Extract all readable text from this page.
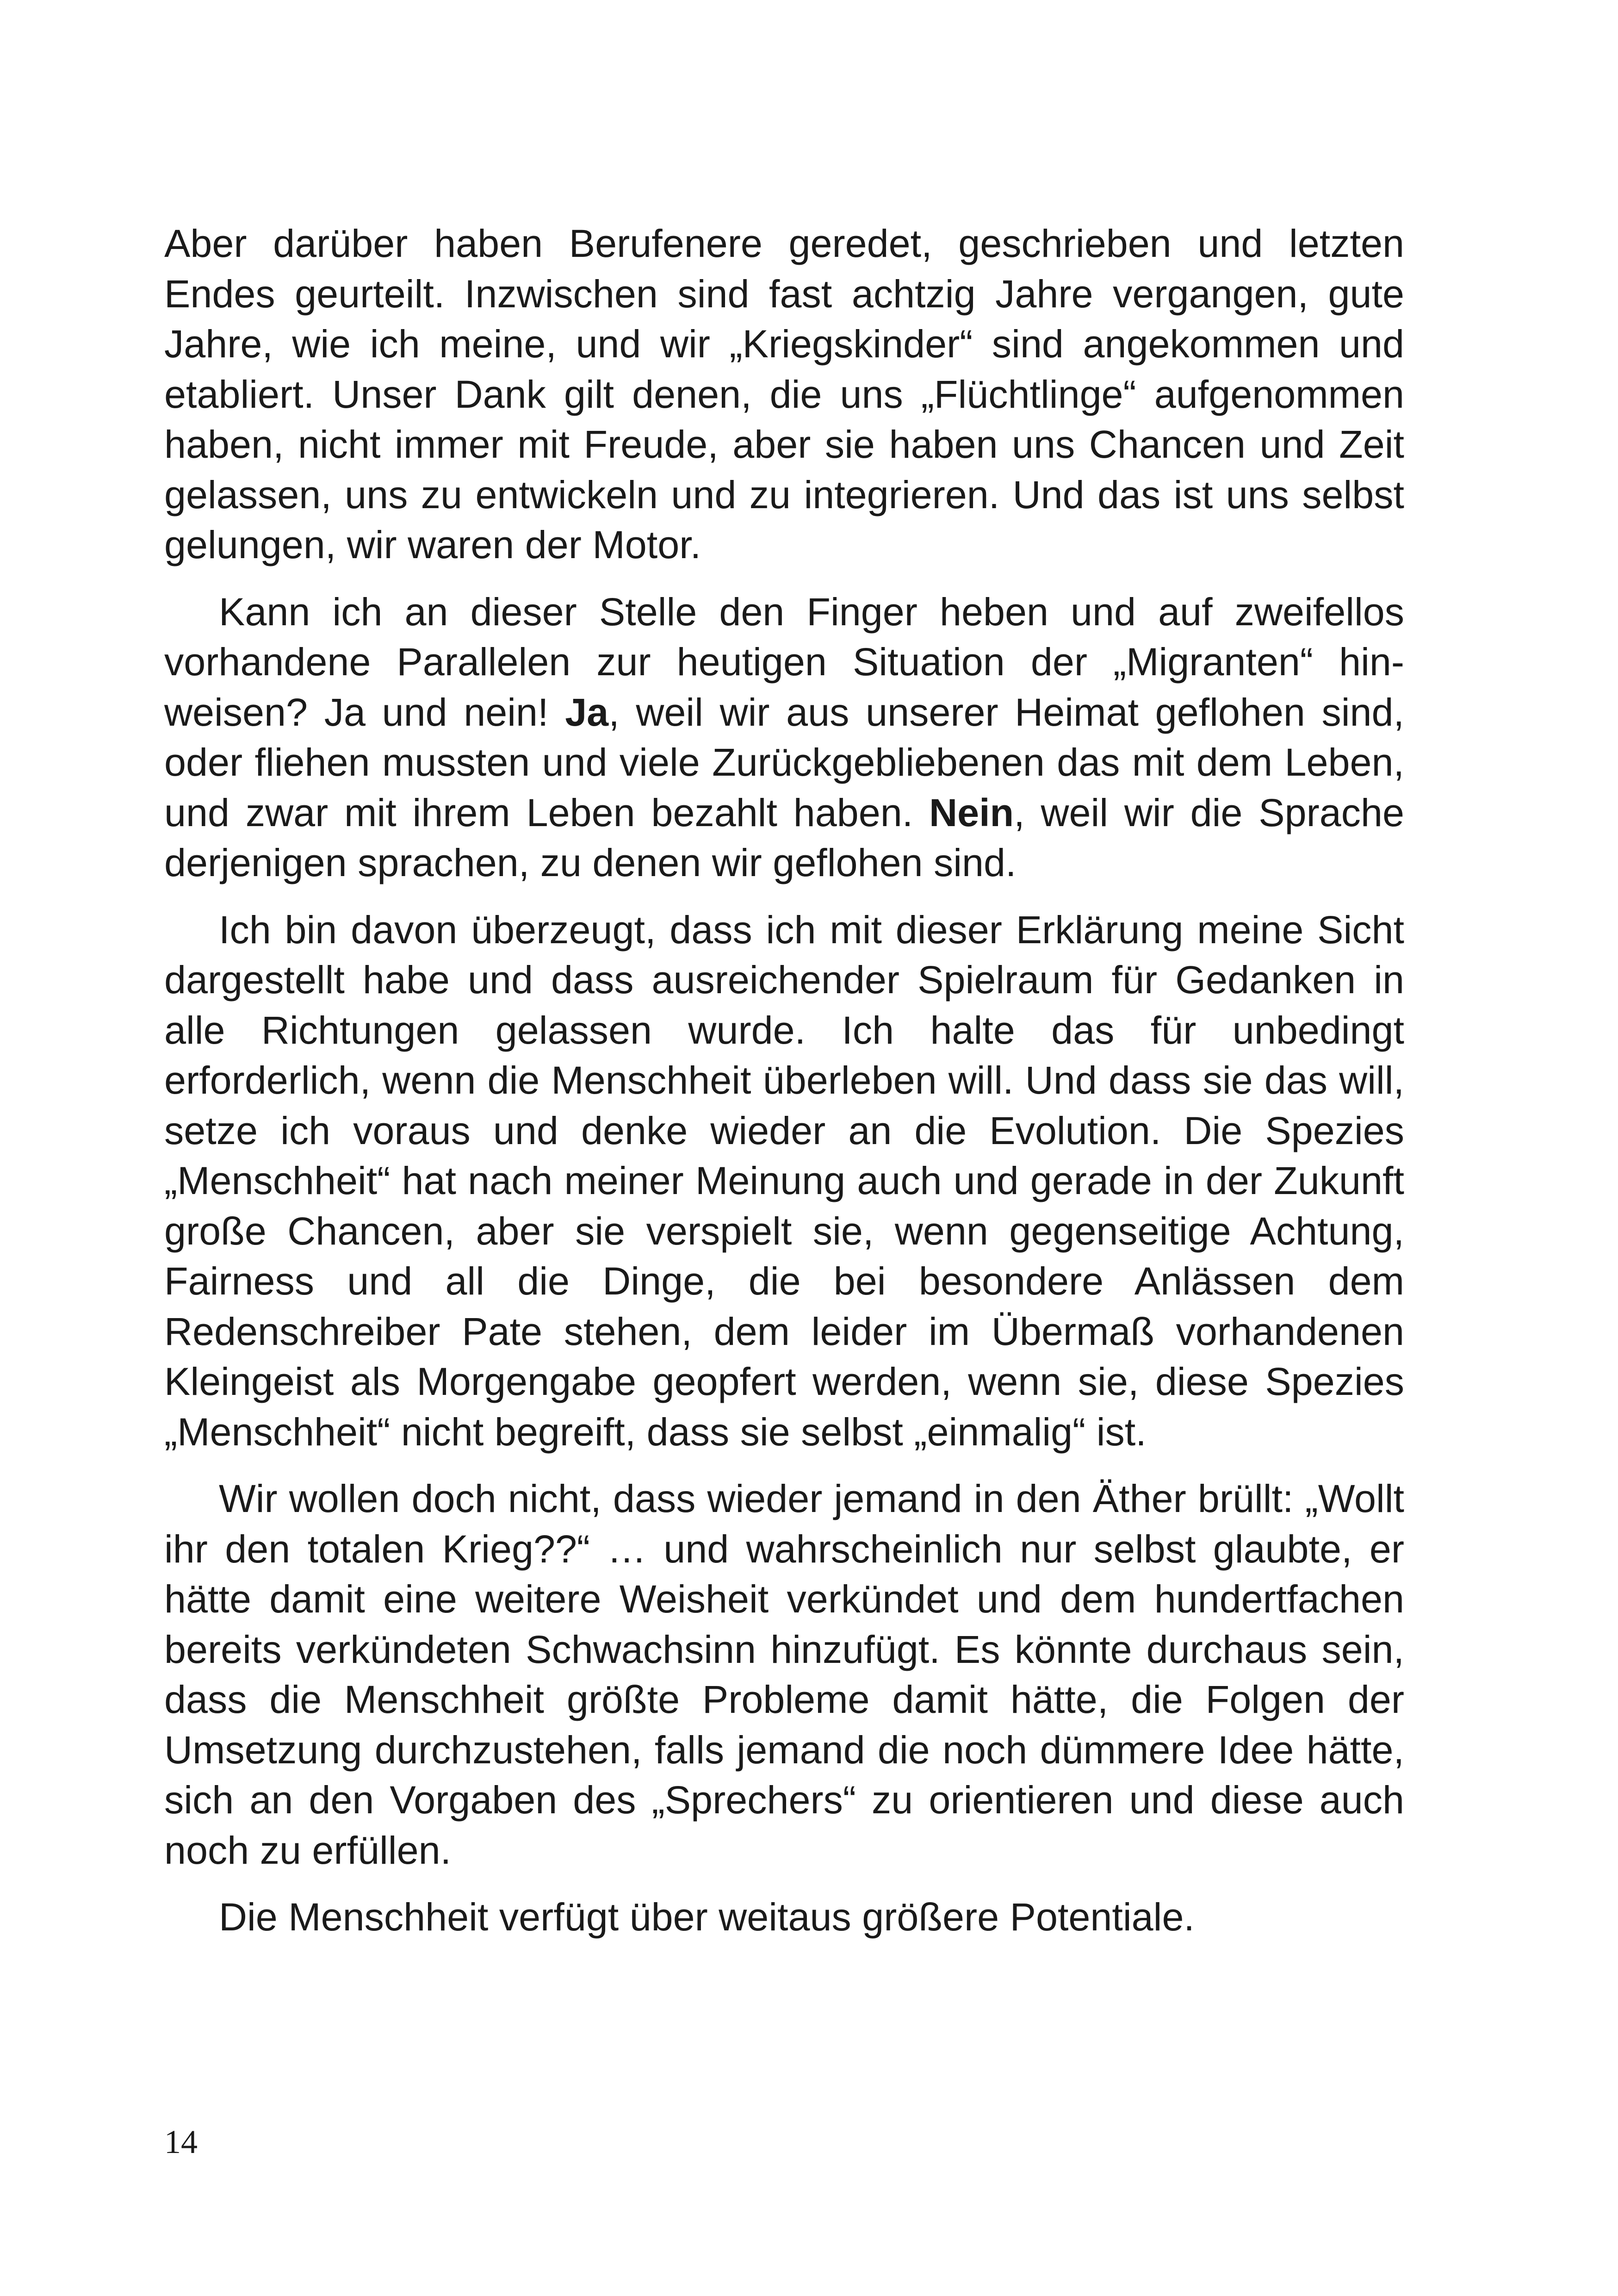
Aber darüber haben Berufenere geredet, geschrieben und letzten Endes geurteilt. Inzwischen sind fast achtzig Jahre vergangen, gute Jahre, wie ich meine, und wir „Kriegskinder“ sind angekommen und etabliert. Unser Dank gilt denen, die uns „Flüchtlinge“ aufgenommen haben, nicht immer mit Freude, aber sie haben uns Chancen und Zeit gelassen, uns zu entwickeln und zu integrieren. Und das ist uns selbst gelungen, wir waren der Motor.

Kann ich an dieser Stelle den Finger heben und auf zweifellos vorhandene Parallelen zur heutigen Situation der „Migranten“ hinweisen? Ja und nein! Ja, weil wir aus unserer Heimat geflohen sind, oder fliehen mussten und viele Zurückgebliebenen das mit dem Leben, und zwar mit ihrem Leben bezahlt haben. Nein, weil wir die Sprache derjenigen sprachen, zu denen wir geflohen sind.

Ich bin davon überzeugt, dass ich mit dieser Erklärung meine Sicht dargestellt habe und dass ausreichender Spielraum für Gedanken in alle Richtungen gelassen wurde. Ich halte das für unbedingt erforderlich, wenn die Menschheit überleben will. Und dass sie das will, setze ich voraus und denke wieder an die Evolution. Die Spezies „Menschheit“ hat nach meiner Meinung auch und gerade in der Zukunft große Chancen, aber sie verspielt sie, wenn gegenseitige Achtung, Fairness und all die Dinge, die bei besondere Anlässen dem Redenschreiber Pate stehen, dem leider im Übermaß vorhandenen Kleingeist als Morgengabe geopfert werden, wenn sie, diese Spezies „Menschheit“ nicht begreift, dass sie selbst „einmalig“ ist.

Wir wollen doch nicht, dass wieder jemand in den Äther brüllt: „Wollt ihr den totalen Krieg??“ … und wahrscheinlich nur selbst glaubte, er hätte damit eine weitere Weisheit verkündet und dem hundertfachen bereits verkündeten Schwachsinn hinzufügt. Es könnte durchaus sein, dass die Menschheit größte Probleme damit hätte, die Folgen der Umsetzung durchzustehen, falls jemand die noch dümmere Idee hätte, sich an den Vorgaben des „Sprechers“ zu orientieren und diese auch noch zu erfüllen.

Die Menschheit verfügt über weitaus größere Potentiale.

14
